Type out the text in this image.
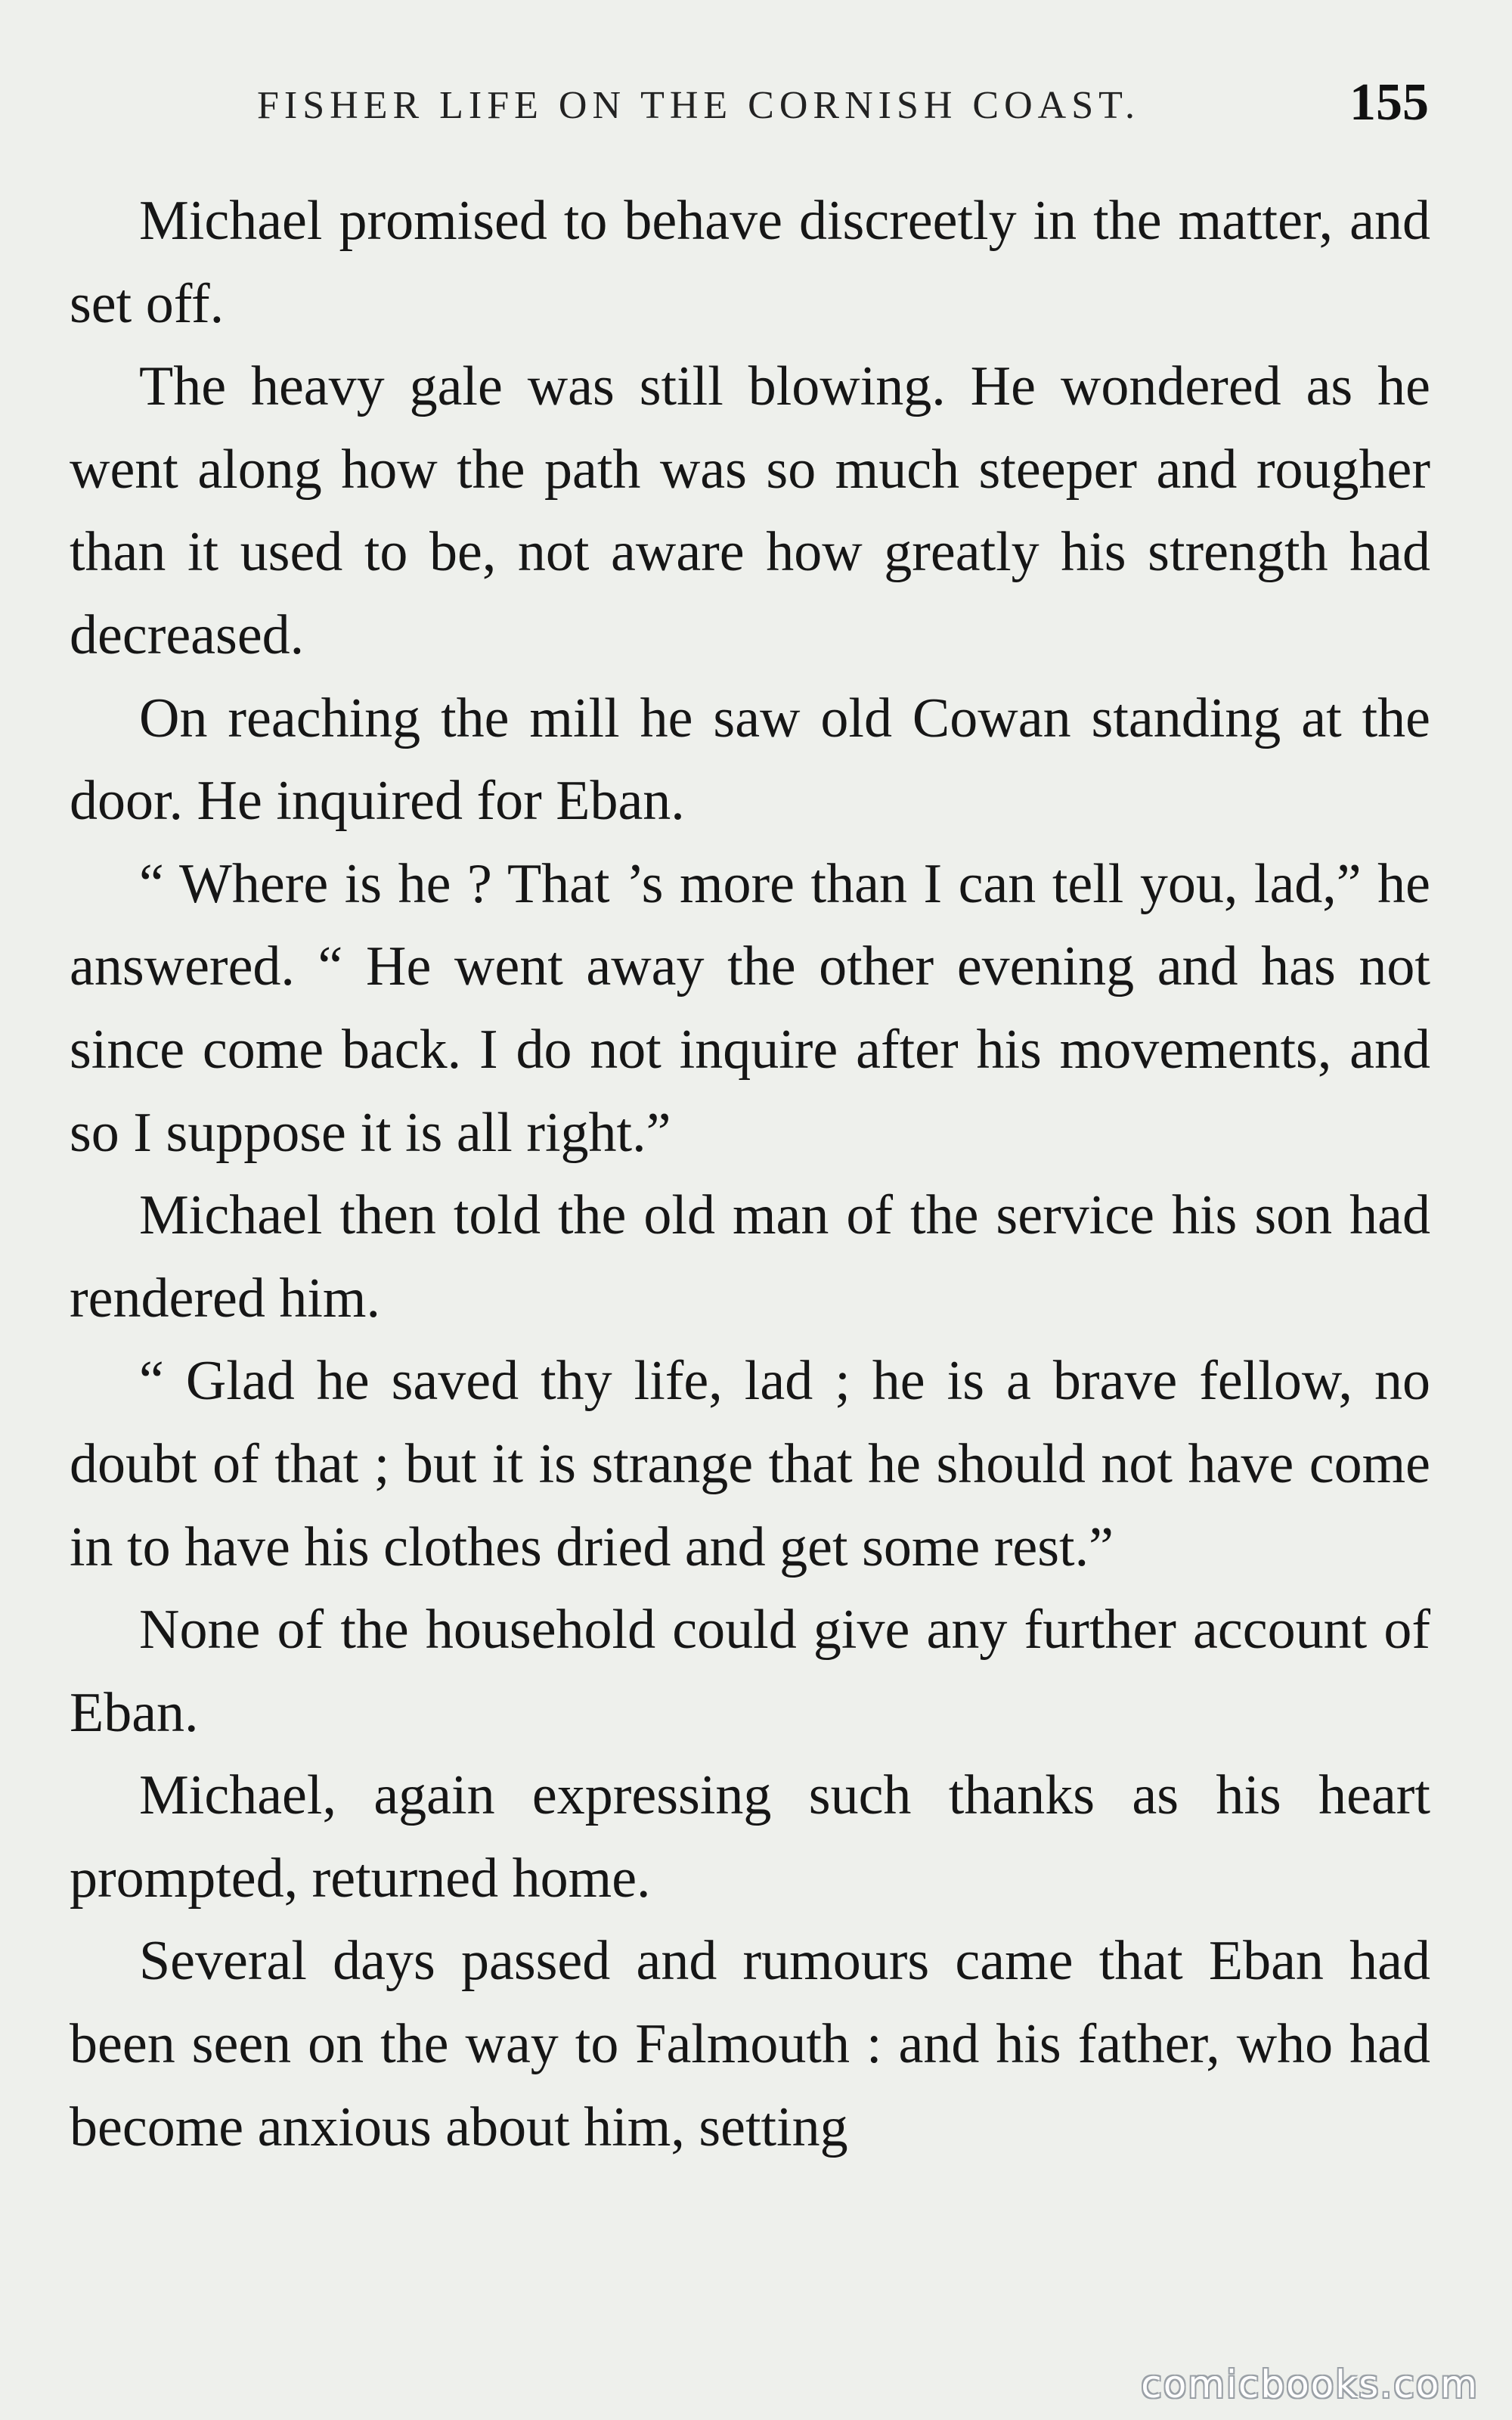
FISHER LIFE ON THE CORNISH COAST.	155

Michael promised to behave discreetly in the matter, and set off.

The heavy gale was still blowing. He wondered as he went along how the path was so much steeper and rougher than it used to be, not aware how greatly his strength had decreased.

On reaching the mill he saw old Cowan standing at the door. He inquired for Eban.

“ Where is he ? That ’s more than I can tell you, lad,” he answered. “ He went away the other evening and has not since come back. I do not inquire after his movements, and so I suppose it is all right.”

Michael then told the old man of the service his son had rendered him.

“ Glad he saved thy life, lad ; he is a brave fellow, no doubt of that ; but it is strange that he should not have come in to have his clothes dried and get some rest.”

None of the household could give any further account of Eban.

Michael, again expressing such thanks as his heart prompted, returned home.

Several days passed and rumours came that Eban had been seen on the way to Falmouth : and his father, who had become anxious about him, setting

comicbooks.com
